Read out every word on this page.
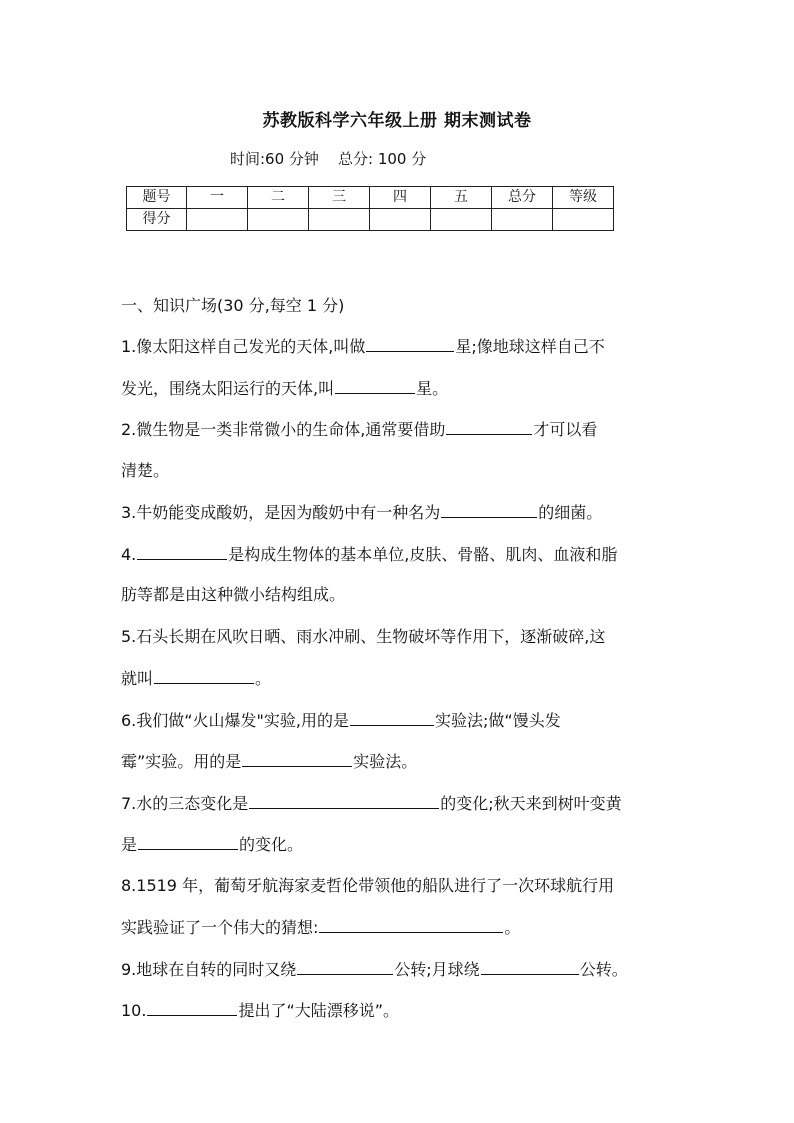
苏教版科学六年级上册 期末测试卷
时间:60 分钟 总分: 100 分
题号	一	二	三	四	五	总分	等级
得分							
一、知识广场(30 分,每空 1 分)
1.像太阳这样自己发光的天体,叫做	星;像地球这样自己不
发光，围绕太阳运行的天体,叫	星。
2.微生物是一类非常微小的生命体,通常要借助	才可以看
清楚。
3.牛奶能变成酸奶，是因为酸奶中有一种名为	的细菌。
4.	是构成生物体的基本单位,皮肤、骨骼、肌肉、血液和脂
肪等都是由这种微小结构组成。
5.石头长期在风吹日晒、雨水冲刷、生物破坏等作用下，逐渐破碎,这
就叫	。
6.我们做“火山爆发"实验,用的是	实验法;做“馒头发
霉”实验。用的是	实验法。
7.水的三态变化是	的变化;秋天来到树叶变黄
是	的变化。
8.1519 年，葡萄牙航海家麦哲伦带领他的船队进行了一次环球航行用
实践验证了一个伟大的猜想:	。
9.地球在自转的同时又绕	公转;月球绕	公转。
10.	提出了“大陆漂移说”。
